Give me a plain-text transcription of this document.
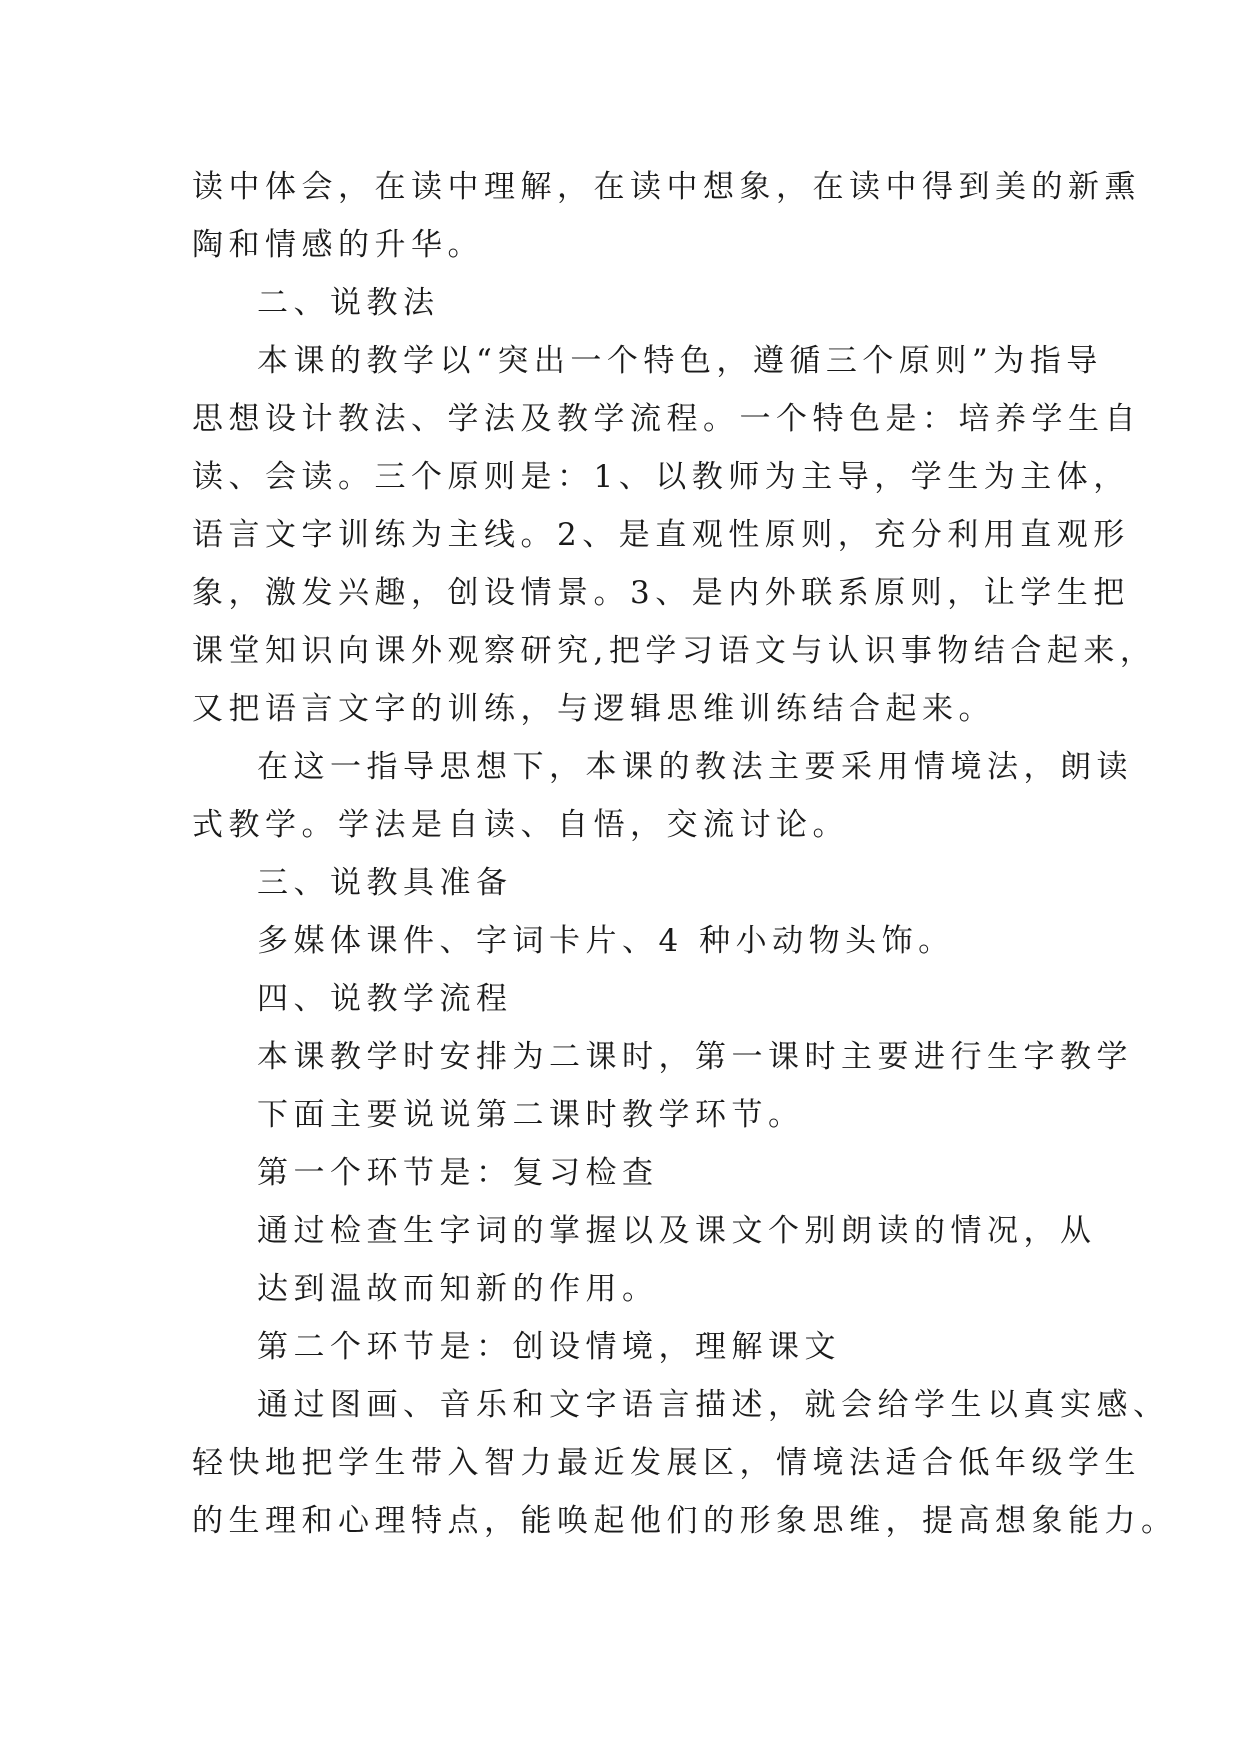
读中体会，在读中理解，在读中想象，在读中得到美的新熏
陶和情感的升华。
二、说教法
本课的教学以“突出一个特色，遵循三个原则”为指导
思想设计教法、学法及教学流程。一个特色是：培养学生自
读、会读。三个原则是：1、以教师为主导，学生为主体，
语言文字训练为主线。2、是直观性原则，充分利用直观形
象，激发兴趣，创设情景。3、是内外联系原则，让学生把
课堂知识向课外观察研究,把学习语文与认识事物结合起来，
又把语言文字的训练，与逻辑思维训练结合起来。
在这一指导思想下，本课的教法主要采用情境法，朗读
式教学。学法是自读、自悟，交流讨论。
三、说教具准备
多媒体课件、字词卡片、4 种小动物头饰。
四、说教学流程
本课教学时安排为二课时，第一课时主要进行生字教学
下面主要说说第二课时教学环节。
第一个环节是：复习检查
通过检查生字词的掌握以及课文个别朗读的情况，从
达到温故而知新的作用。
第二个环节是：创设情境，理解课文
通过图画、音乐和文字语言描述，就会给学生以真实感、
轻快地把学生带入智力最近发展区，情境法适合低年级学生
的生理和心理特点，能唤起他们的形象思维，提高想象能力。
